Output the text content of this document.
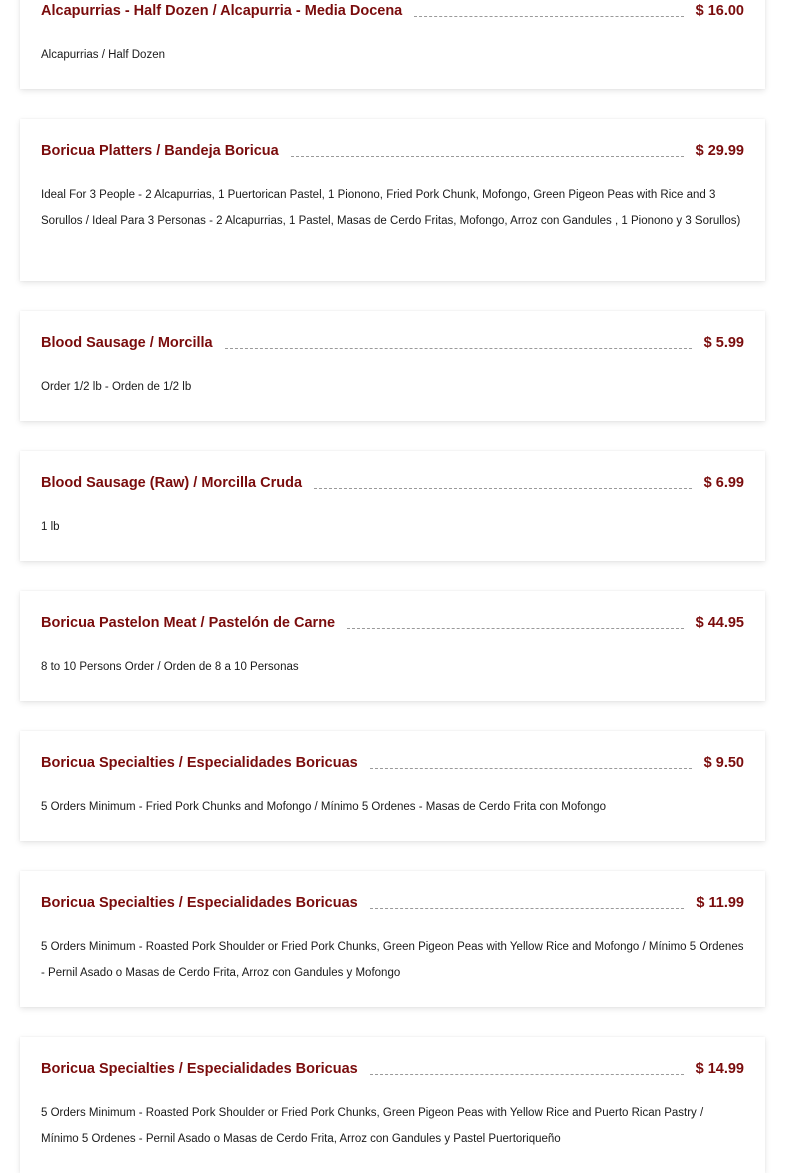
Alcapurrias - Half Dozen / Alcapurria - Media Docena	$ 16.00

Alcapurrias / Half Dozen

Boricua Platters / Bandeja Boricua	$ 29.99

Ideal For 3 People - 2 Alcapurrias, 1 Puertorican Pastel, 1 Pionono, Fried Pork Chunk, Mofongo, Green Pigeon Peas with Rice and 3 Sorullos / Ideal Para 3 Personas - 2 Alcapurrias, 1 Pastel, Masas de Cerdo Fritas, Mofongo, Arroz con Gandules , 1 Pionono y 3 Sorullos)

Blood Sausage / Morcilla	$ 5.99

Order 1/2 lb - Orden de 1/2 lb

Blood Sausage (Raw) / Morcilla Cruda	$ 6.99

1 lb

Boricua Pastelon Meat / Pastelón de Carne	$ 44.95

8 to 10 Persons Order / Orden de 8 a 10 Personas

Boricua Specialties / Especialidades Boricuas	$ 9.50

5 Orders Minimum - Fried Pork Chunks and Mofongo / Mínimo 5 Ordenes - Masas de Cerdo Frita con Mofongo

Boricua Specialties / Especialidades Boricuas	$ 11.99

5 Orders Minimum - Roasted Pork Shoulder or Fried Pork Chunks, Green Pigeon Peas with Yellow Rice and Mofongo / Mínimo 5 Ordenes - Pernil Asado o Masas de Cerdo Frita, Arroz con Gandules y Mofongo

Boricua Specialties / Especialidades Boricuas	$ 14.99

5 Orders Minimum - Roasted Pork Shoulder or Fried Pork Chunks, Green Pigeon Peas with Yellow Rice and Puerto Rican Pastry / Mínimo 5 Ordenes - Pernil Asado o Masas de Cerdo Frita, Arroz con Gandules y Pastel Puertoriqueño
